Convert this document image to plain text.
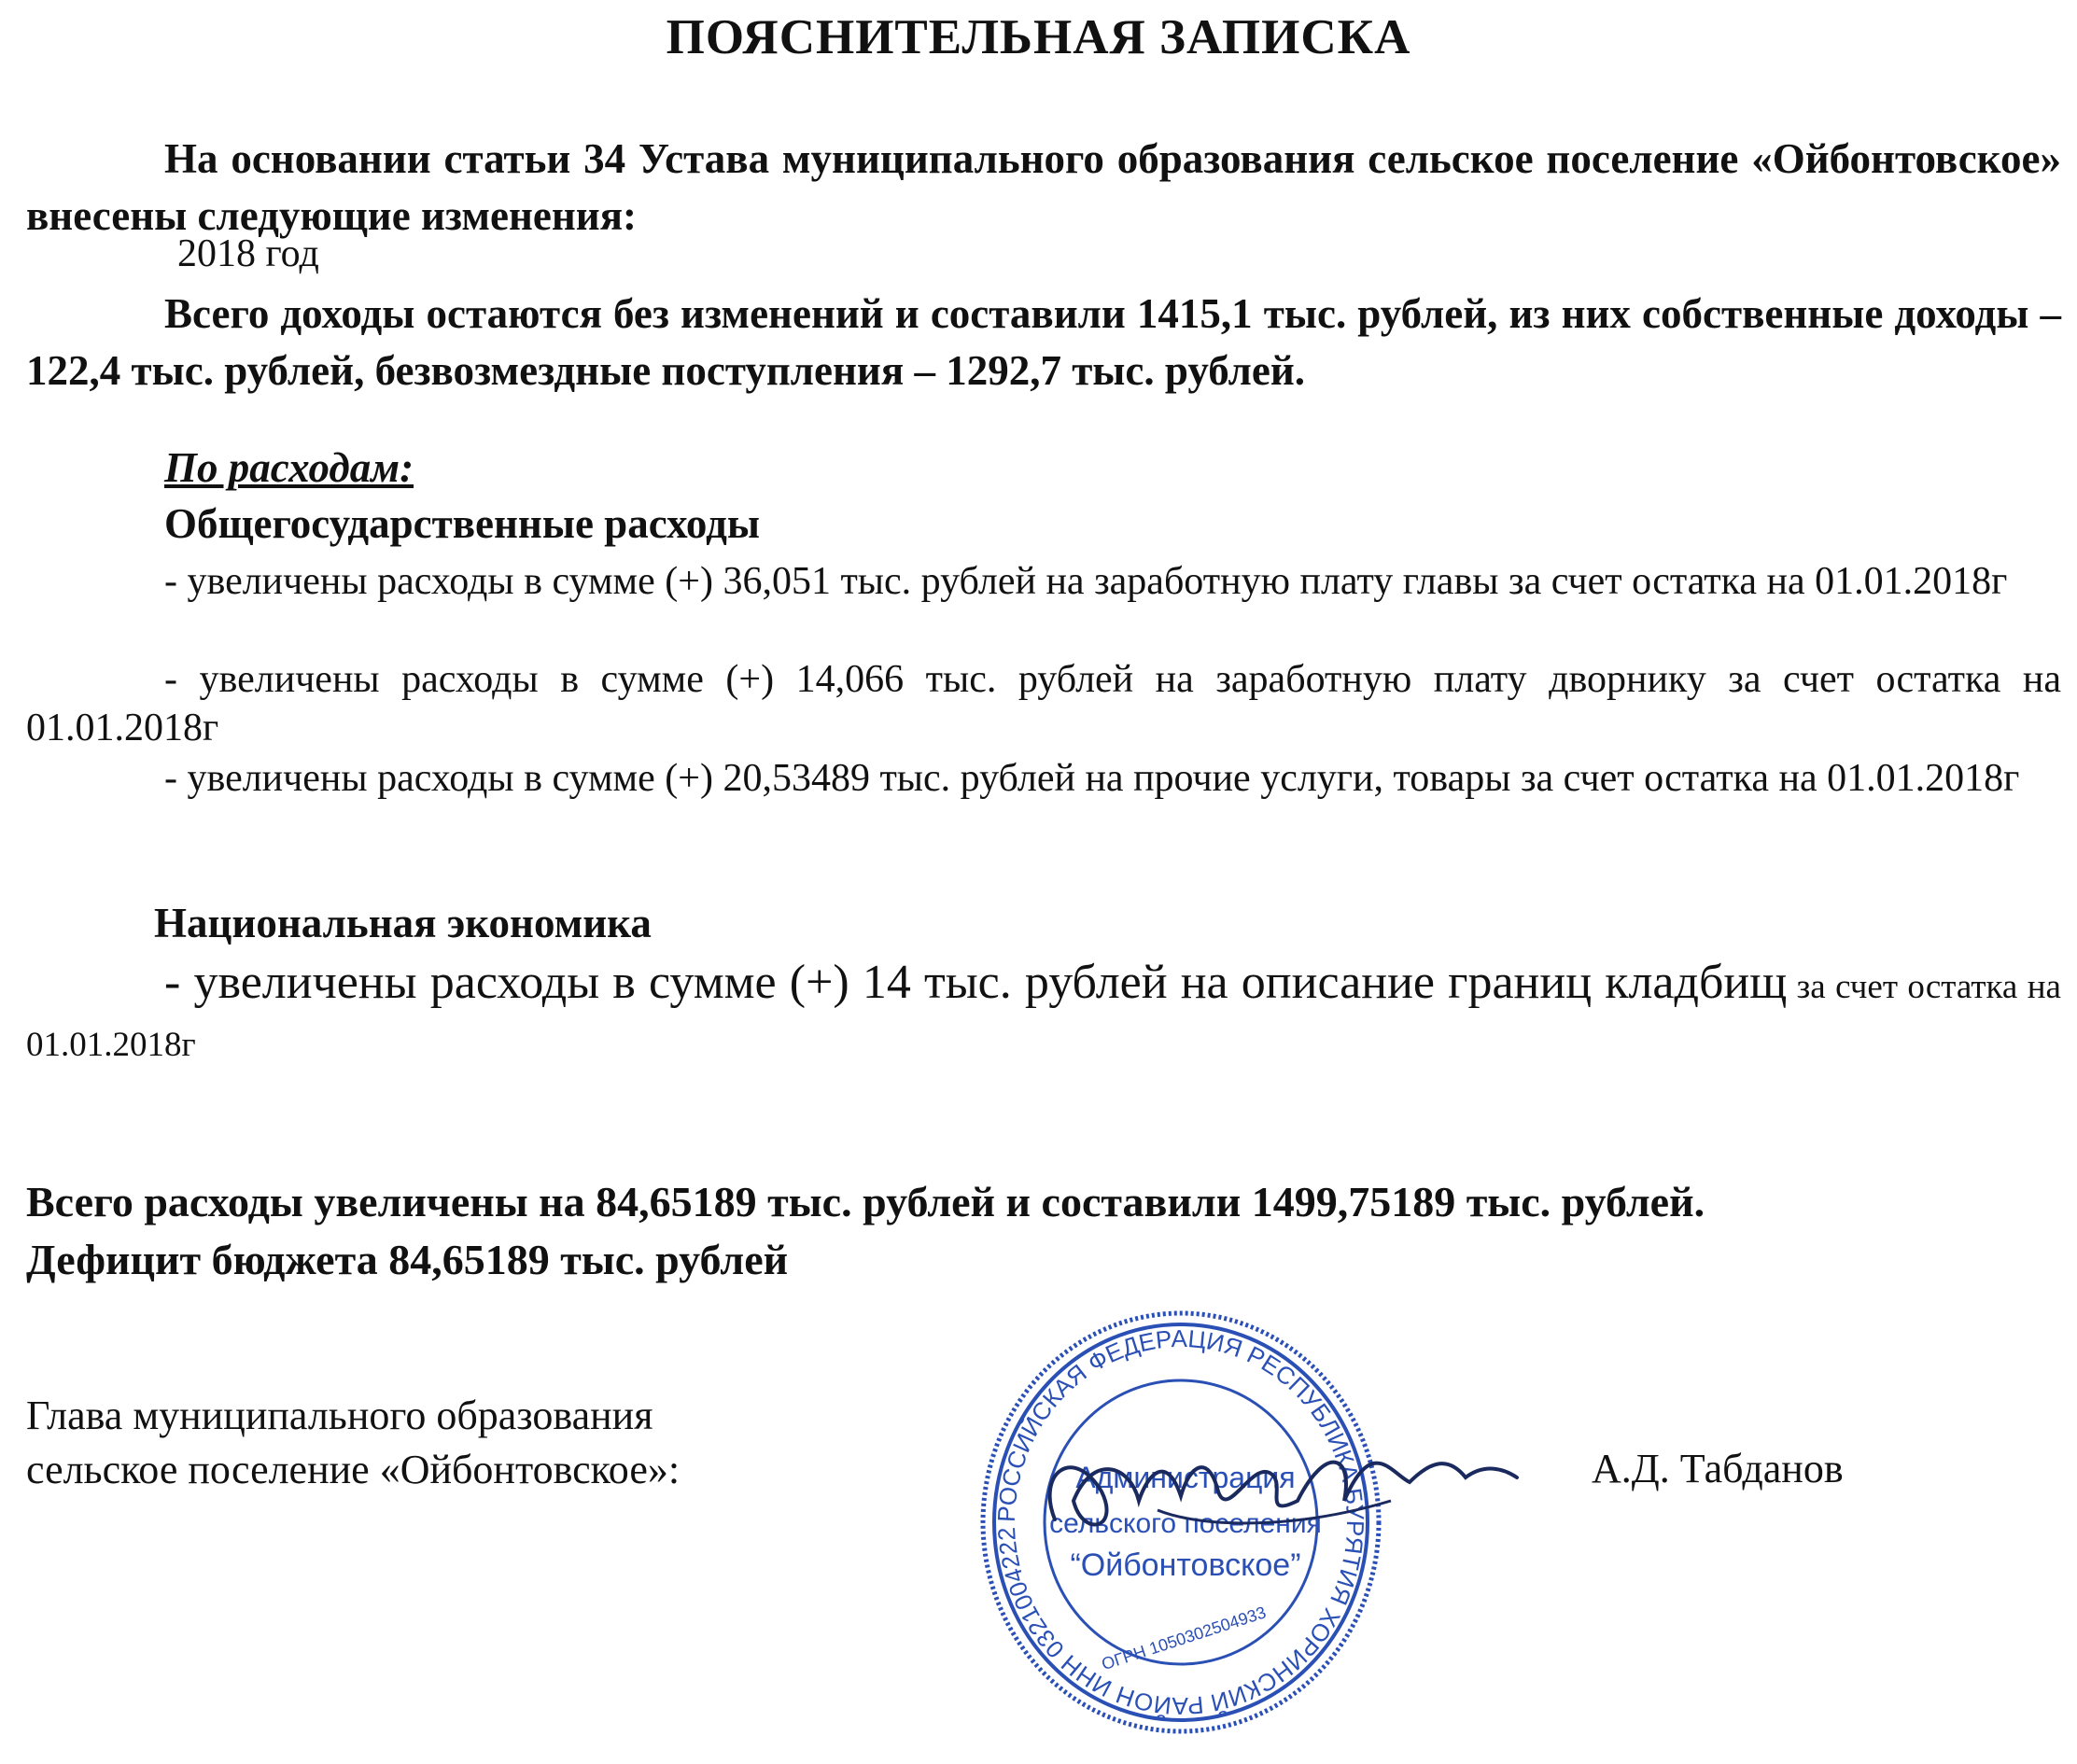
ПОЯСНИТЕЛЬНАЯ ЗАПИСКА

На основании статьи 34 Устава муниципального образования сельское поселение «Ойбонтовское» внесены следующие изменения:

2018 год

Всего доходы остаются без изменений и составили 1415,1 тыс. рублей, из них собственные доходы – 122,4 тыс. рублей, безвозмездные поступления – 1292,7 тыс. рублей.

По расходам:
Общегосударственные расходы

- увеличены расходы в сумме (+) 36,051 тыс. рублей на заработную плату главы за счет остатка на 01.01.2018г

- увеличены расходы в сумме (+) 14,066 тыс. рублей на заработную плату дворнику за счет остатка на 01.01.2018г

- увеличены расходы в сумме (+) 20,53489 тыс. рублей на прочие услуги, товары за счет остатка на 01.01.2018г

Национальная экономика

- увеличены расходы в сумме (+) 14 тыс. рублей на описание границ кладбищ за счет остатка на 01.01.2018г

Всего расходы увеличены на 84,65189 тыс. рублей и составили 1499,75189 тыс. рублей.
Дефицит бюджета 84,65189 тыс. рублей
Глава муниципального образования
сельское поселение «Ойбонтовское»:	А.Д. Табданов
РОССИЙСКАЯ ФЕДЕРАЦИЯ РЕСПУБЛИКА БУРЯТИЯ ХОРИНСКИЙ РАЙОН ИНН 0321004222
Администрация
сельского поселения
“Ойбонтовское”
ОГРН 1050302504933
